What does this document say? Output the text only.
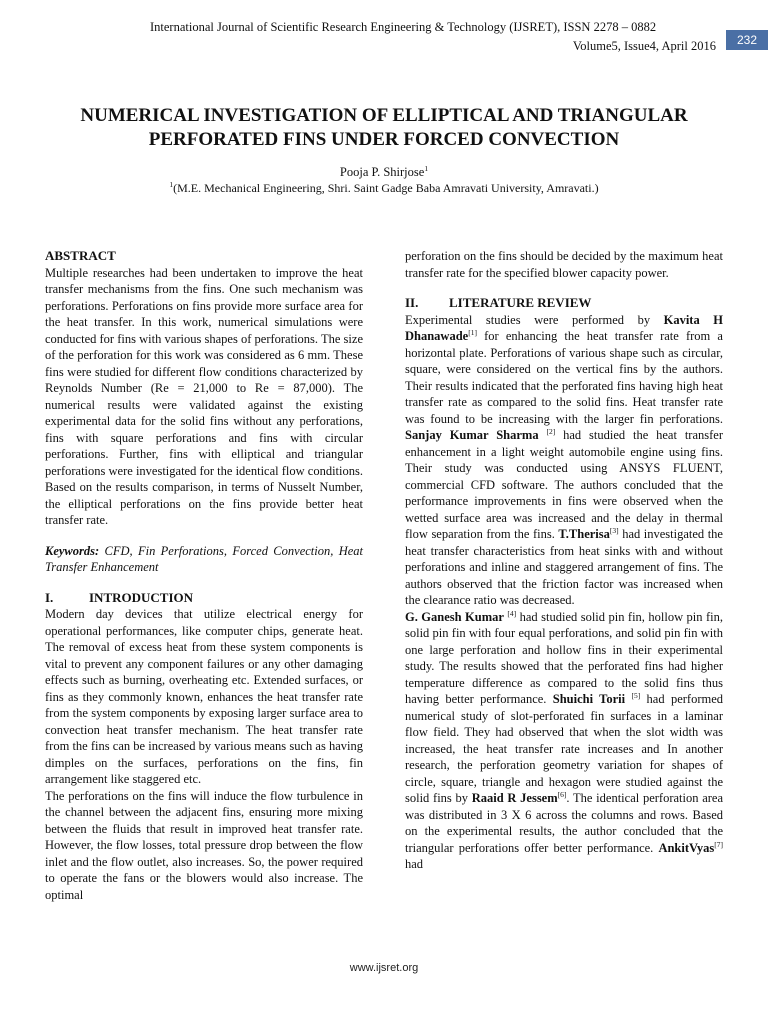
232
International Journal of Scientific Research Engineering & Technology (IJSRET), ISSN 2278 – 0882
Volume5, Issue4, April 2016
NUMERICAL INVESTIGATION OF ELLIPTICAL AND TRIANGULAR
PERFORATED FINS UNDER FORCED CONVECTION
Pooja P. Shirjose$^1$
$^1$(M.E. Mechanical Engineering, Shri. Saint Gadge Baba Amravati University, Amravati.)

ABSTRACT

Multiple researches had been undertaken to improve the heat transfer mechanisms from the fins. One such mechanism was perforations. Perforations on fins provide more surface area for the heat transfer. In this work, numerical simulations were conducted for fins with various shapes of perforations. The size of the perforation for this work was considered as 6 mm. These fins were studied for different flow conditions characterized by Reynolds Number (Re = 21,000 to Re = 87,000). The numerical results were validated against the existing experimental data for the solid fins without any perforations, fins with square perforations and fins with circular perforations. Further, fins with elliptical and triangular perforations were investigated for the identical flow conditions. Based on the results comparison, in terms of Nusselt Number, the elliptical perforations on the fins provide better heat transfer rate.

Keywords: CFD, Fin Perforations, Forced Convection, Heat Transfer Enhancement

I.	INTRODUCTION

Modern day devices that utilize electrical energy for operational performances, like computer chips, generate heat. The removal of excess heat from these system components is vital to prevent any component failures or any other damaging effects such as burning, overheating etc. Extended surfaces, or fins as they commonly known, enhances the heat transfer rate from the system components by exposing larger surface area to convection heat transfer mechanism. The heat transfer rate from the fins can be increased by various means such as having dimples on the surfaces, perforations on the fins, fin arrangement like staggered etc.

The perforations on the fins will induce the flow turbulence in the channel between the adjacent fins, ensuring more mixing between the fluids that result in improved heat transfer rate. However, the flow losses, total pressure drop between the flow inlet and the flow outlet, also increases. So, the power required to operate the fans or the blowers would also increase. The optimal

perforation on the fins should be decided by the maximum heat transfer rate for the specified blower capacity power.

II. LITERATURE REVIEW

Experimental studies were performed by Kavita H Dhanawade[1] for enhancing the heat transfer rate from a horizontal plate. Perforations of various shape such as circular, square, were considered on the vertical fins by the authors. Their results indicated that the perforated fins having high heat transfer rate as compared to the solid fins. Heat transfer rate was found to be increasing with the larger fin perforations. Sanjay Kumar Sharma [2] had studied the heat transfer enhancement in a light weight automobile engine using fins. Their study was conducted using ANSYS FLUENT, commercial CFD software. The authors concluded that the performance improvements in fins were observed when the wetted surface area was increased and the delay in thermal flow separation from the fins. T.Therisa[3] had investigated the heat transfer characteristics from heat sinks with and without perforations and inline and staggered arrangement of fins. The authors observed that the friction factor was increased when the clearance ratio was decreased.

G. Ganesh Kumar [4] had studied solid pin fin, hollow pin fin, solid pin fin with four equal perforations, and solid pin fin with one large perforation and hollow fins in their experimental study. The results showed that the perforated fins had higher temperature difference as compared to the solid fins thus having better performance. Shuichi Torii [5] had performed numerical study of slot-perforated fin surfaces in a laminar flow field. They had observed that when the slot width was increased, the heat transfer rate increases and In another research, the perforation geometry variation for shapes of circle, square, triangle and hexagon were studied against the solid fins by Raaid R Jessem[6]. The identical perforation area was distributed in 3 X 6 across the columns and rows. Based on the experimental results, the author concluded that the triangular perforations offer better performance. AnkitVyas[7] had

www.ijsret.org
